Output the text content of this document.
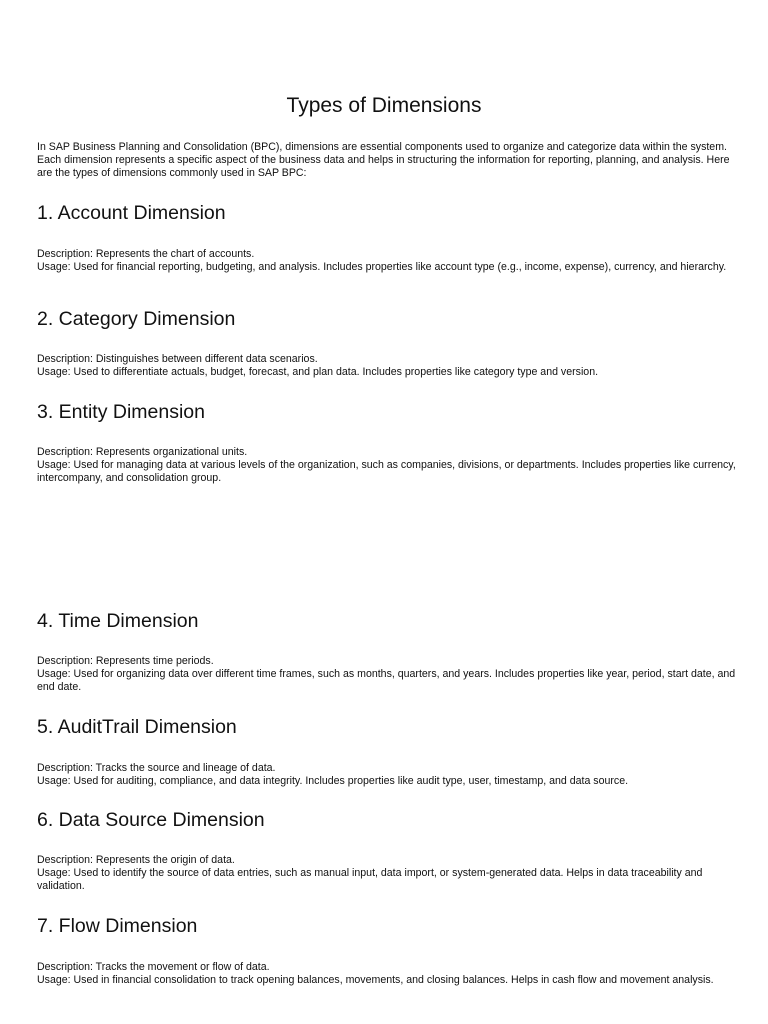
Types of Dimensions

In SAP Business Planning and Consolidation (BPC), dimensions are essential components used to organize and categorize data within the system. Each dimension represents a specific aspect of the business data and helps in structuring the information for reporting, planning, and analysis. Here are the types of dimensions commonly used in SAP BPC:

1. Account Dimension

Description: Represents the chart of accounts.

Usage: Used for financial reporting, budgeting, and analysis. Includes properties like account type (e.g., income, expense), currency, and hierarchy.

2. Category Dimension

Description: Distinguishes between different data scenarios.

Usage: Used to differentiate actuals, budget, forecast, and plan data. Includes properties like category type and version.

3. Entity Dimension

Description: Represents organizational units.

Usage: Used for managing data at various levels of the organization, such as companies, divisions, or departments. Includes properties like currency, intercompany, and consolidation group.

4. Time Dimension

Description: Represents time periods.

Usage: Used for organizing data over different time frames, such as months, quarters, and years. Includes properties like year, period, start date, and end date.

5. AuditTrail Dimension

Description: Tracks the source and lineage of data.

Usage: Used for auditing, compliance, and data integrity. Includes properties like audit type, user, timestamp, and data source.

6. Data Source Dimension

Description: Represents the origin of data.

Usage: Used to identify the source of data entries, such as manual input, data import, or system-generated data. Helps in data traceability and validation.

7. Flow Dimension

Description: Tracks the movement or flow of data.

Usage: Used in financial consolidation to track opening balances, movements, and closing balances. Helps in cash flow and movement analysis.
